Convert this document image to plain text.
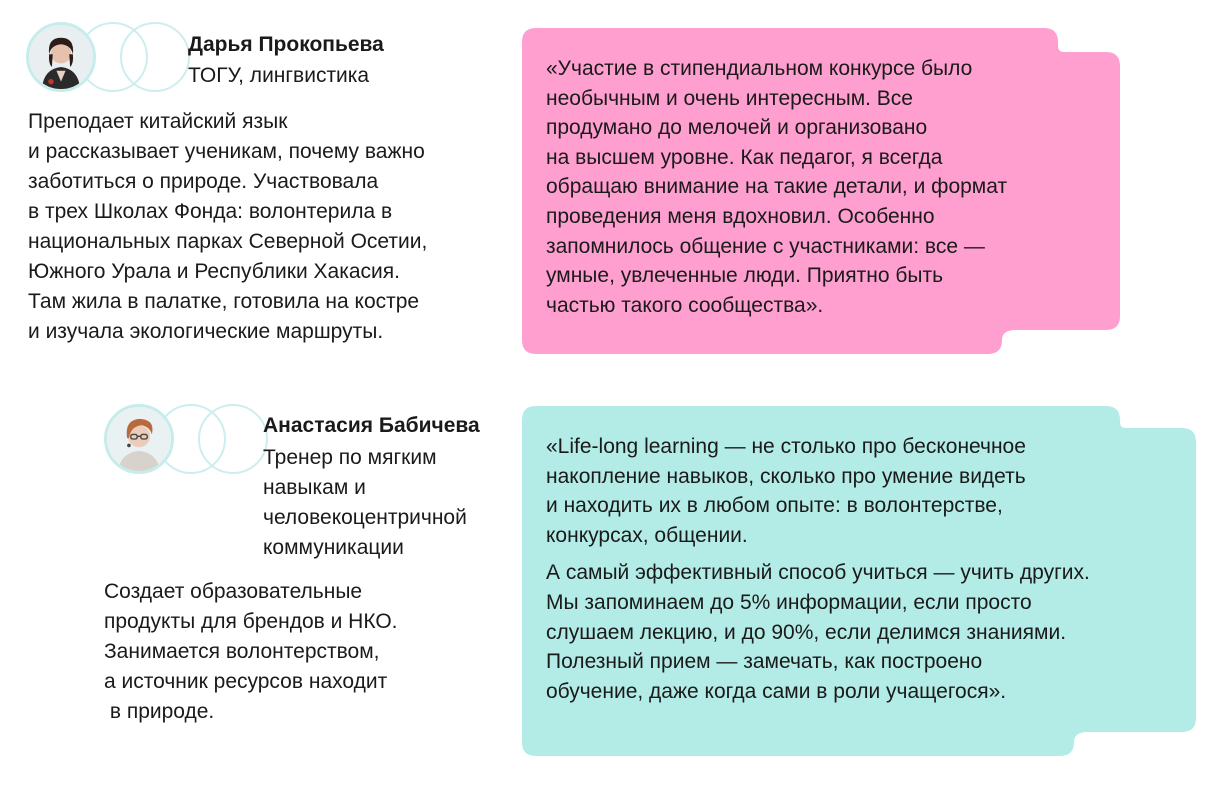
Дарья Прокопьева
ТОГУ, лингвистика
Преподает китайский язык
и рассказывает ученикам, почему важно
заботиться о природе. Участвовала
в трех Школах Фонда: волонтерила в
национальных парках Северной Осетии,
Южного Урала и Республики Хакасия.
Там жила в палатке, готовила на костре
и изучала экологические маршруты.
«Участие в стипендиальном конкурсе было
необычным и очень интересным. Все
продумано до мелочей и организовано
на высшем уровне. Как педагог, я всегда
обращаю внимание на такие детали, и формат
проведения меня вдохновил. Особенно
запомнилось общение с участниками: все —
умные, увлеченные люди. Приятно быть
частью такого сообщества».
Анастасия Бабичева
Тренер по мягким
навыкам и
человекоцентричной
коммуникации
Создает образовательные
продукты для брендов и НКО.
Занимается волонтерством,
а источник ресурсов находит
в природе.
«Life-long learning — не столько про бесконечное
накопление навыков, сколько про умение видеть
и находить их в любом опыте: в волонтерстве,
конкурсах, общении.
А самый эффективный способ учиться — учить других.
Мы запоминаем до 5% информации, если просто
слушаем лекцию, и до 90%, если делимся знаниями.
Полезный прием — замечать, как построено
обучение, даже когда сами в роли учащегося».
